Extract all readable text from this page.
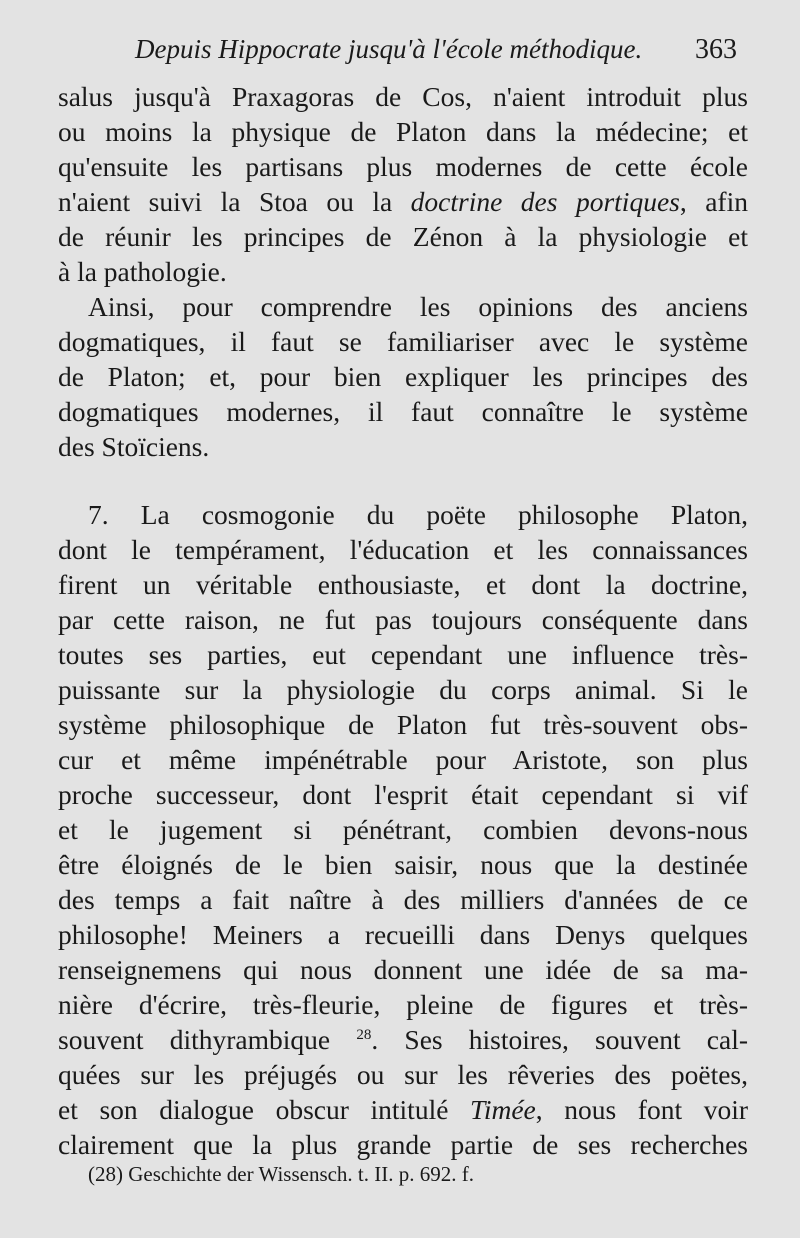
Depuis Hippocrate jusqu'à l'école méthodique. 363
salus jusqu'à Praxagoras de Cos, n'aient introduit plus
ou moins la physique de Platon dans la médecine; et
qu'ensuite les partisans plus modernes de cette école
n'aient suivi la Stoa ou la doctrine des portiques, afin
de réunir les principes de Zénon à la physiologie et
à la pathologie.
Ainsi, pour comprendre les opinions des anciens
dogmatiques, il faut se familiariser avec le système
de Platon; et, pour bien expliquer les principes des
dogmatiques modernes, il faut connaître le système
des Stoïciens.
7. La cosmogonie du poëte philosophe Platon,
dont le tempérament, l'éducation et les connaissances
firent un véritable enthousiaste, et dont la doctrine,
par cette raison, ne fut pas toujours conséquente dans
toutes ses parties, eut cependant une influence très-
puissante sur la physiologie du corps animal. Si le
système philosophique de Platon fut très-souvent obs-
cur et même impénétrable pour Aristote, son plus
proche successeur, dont l'esprit était cependant si vif
et le jugement si pénétrant, combien devons-nous
être éloignés de le bien saisir, nous que la destinée
des temps a fait naître à des milliers d'années de ce
philosophe! Meiners a recueilli dans Denys quelques
renseignemens qui nous donnent une idée de sa ma-
nière d'écrire, très-fleurie, pleine de figures et très-
souvent dithyrambique $^{28}$. Ses histoires, souvent cal-
quées sur les préjugés ou sur les rêveries des poëtes,
et son dialogue obscur intitulé Timée, nous font voir
clairement que la plus grande partie de ses recherches
(28) Geschichte der Wissensch. t. II. p. 692. f.
